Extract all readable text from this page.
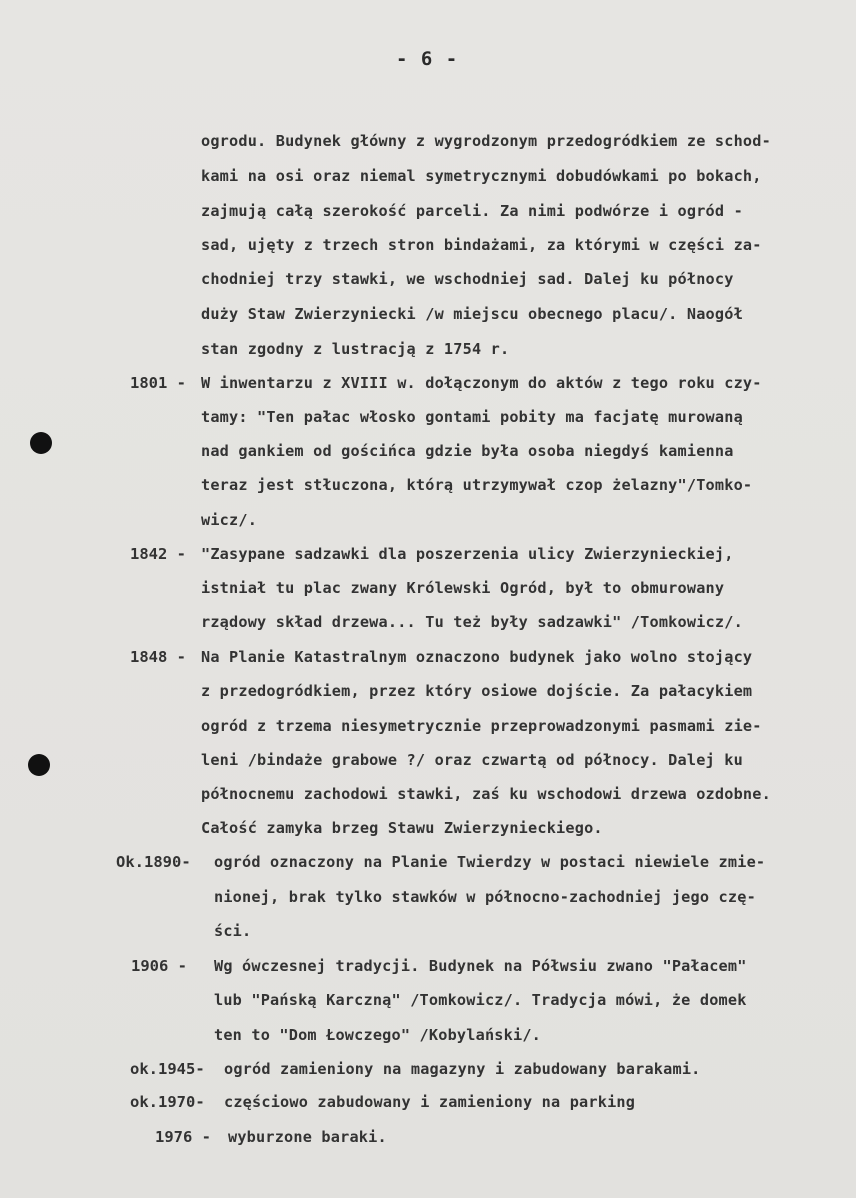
- 6 -
ogrodu. Budynek główny z wygrodzonym przedogródkiem ze schod-
kami na osi oraz niemal symetrycznymi dobudówkami po bokach,
zajmują całą szerokość parceli. Za nimi podwórze i ogród -
sad, ujęty z trzech stron bindażami, za którymi w części za-
chodniej trzy stawki, we wschodniej sad. Dalej ku północy
duży Staw Zwierzyniecki /w miejscu obecnego placu/. Naogół
stan zgodny z lustracją z 1754 r.
1801 - W inwentarzu z XVIII w. dołączonym do aktów z tego roku czy-
tamy: "Ten pałac włosko gontami pobity ma facjatę murowaną
nad gankiem od gościńca gdzie była osoba niegdyś kamienna
teraz jest stłuczona, którą utrzymywał czop żelazny"/Tomko-
wicz/.
1842 - "Zasypane sadzawki dla poszerzenia ulicy Zwierzynieckiej,
istniał tu plac zwany Królewski Ogród, był to obmurowany
rządowy skład drzewa... Tu też były sadzawki" /Tomkowicz/.
1848 - Na Planie Katastralnym oznaczono budynek jako wolno stojący
z przedogródkiem, przez który osiowe dojście. Za pałacykiem
ogród z trzema niesymetrycznie przeprowadzonymi pasmami zie-
leni /bindaże grabowe ?/ oraz czwartą od północy. Dalej ku
północnemu zachodowi stawki, zaś ku wschodowi drzewa ozdobne.
Całość zamyka brzeg Stawu Zwierzynieckiego.
Ok.1890- ogród oznaczony na Planie Twierdzy w postaci niewiele zmie-
nionej, brak tylko stawków w północno-zachodniej jego czę-
ści.
1906 - Wg ówczesnej tradycji. Budynek na Półwsiu zwano "Pałacem"
lub "Pańską Karczną" /Tomkowicz/. Tradycja mówi, że domek
ten to "Dom Łowczego" /Kobylański/.
ok.1945- ogród zamieniony na magazyny i zabudowany barakami.
ok.1970- częściowo zabudowany i zamieniony na parking
1976 - wyburzone baraki.
